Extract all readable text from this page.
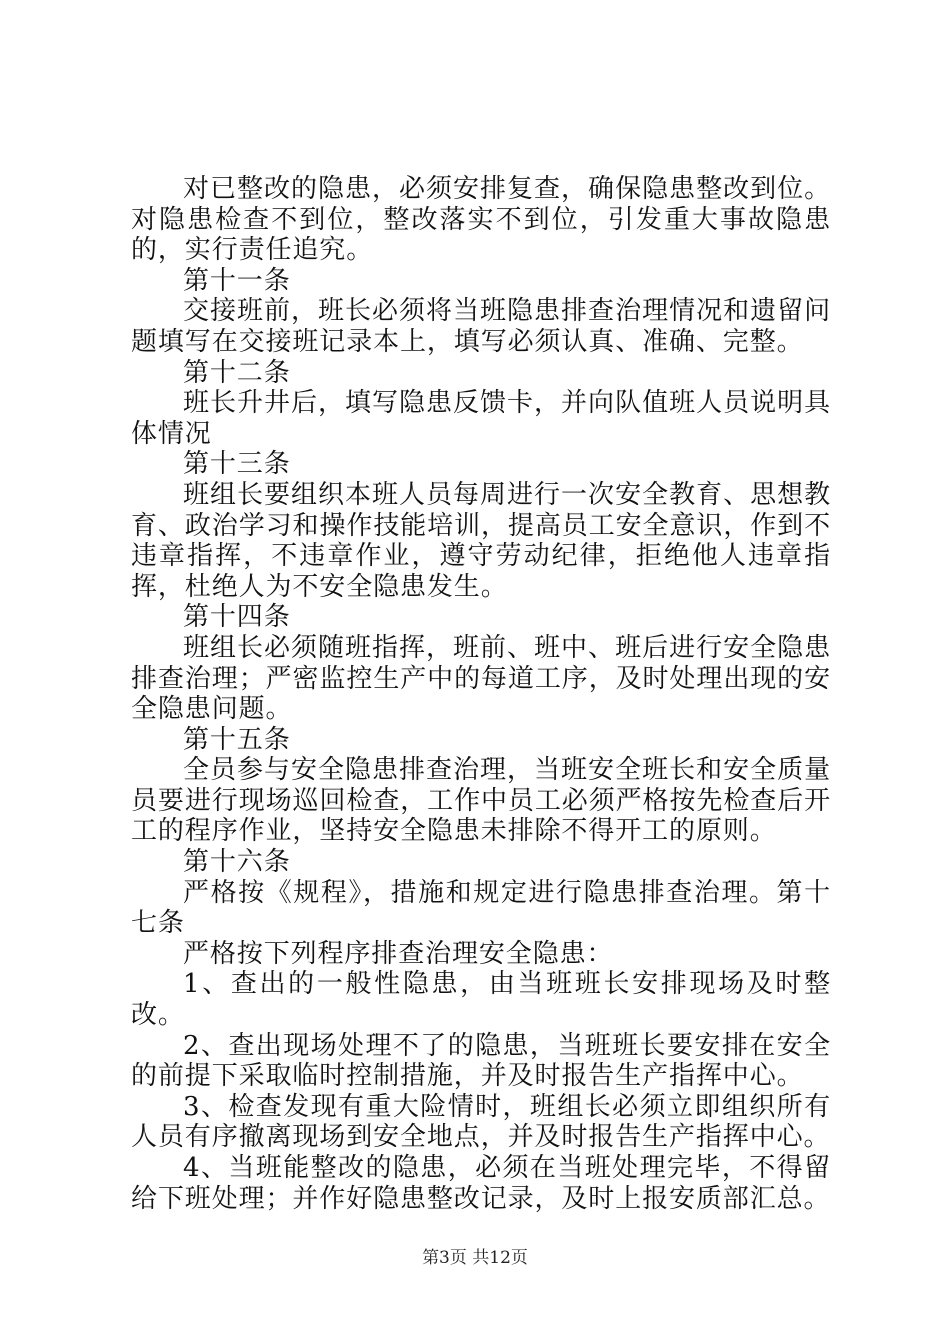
对已整改的隐患，必须安排复查，确保隐患整改到位。对隐患检查不到位，整改落实不到位，引发重大事故隐患的，实行责任追究。

第十一条

交接班前，班长必须将当班隐患排查治理情况和遗留问题填写在交接班记录本上，填写必须认真、准确、完整。

第十二条

班长升井后，填写隐患反馈卡，并向队值班人员说明具体情况

第十三条

班组长要组织本班人员每周进行一次安全教育、思想教育、政治学习和操作技能培训，提高员工安全意识，作到不违章指挥，不违章作业，遵守劳动纪律，拒绝他人违章指挥，杜绝人为不安全隐患发生。

第十四条

班组长必须随班指挥，班前、班中、班后进行安全隐患排查治理；严密监控生产中的每道工序，及时处理出现的安全隐患问题。

第十五条

全员参与安全隐患排查治理，当班安全班长和安全质量员要进行现场巡回检查，工作中员工必须严格按先检查后开工的程序作业，坚持安全隐患未排除不得开工的原则。

第十六条

严格按《规程》，措施和规定进行隐患排查治理。第十七条

严格按下列程序排查治理安全隐患：

1、查出的一般性隐患，由当班班长安排现场及时整改。

2、查出现场处理不了的隐患，当班班长要安排在安全的前提下采取临时控制措施，并及时报告生产指挥中心。

3、检查发现有重大险情时，班组长必须立即组织所有人员有序撤离现场到安全地点，并及时报告生产指挥中心。

4、当班能整改的隐患，必须在当班处理完毕，不得留给下班处理；并作好隐患整改记录，及时上报安质部汇总。

第3页 共12页
